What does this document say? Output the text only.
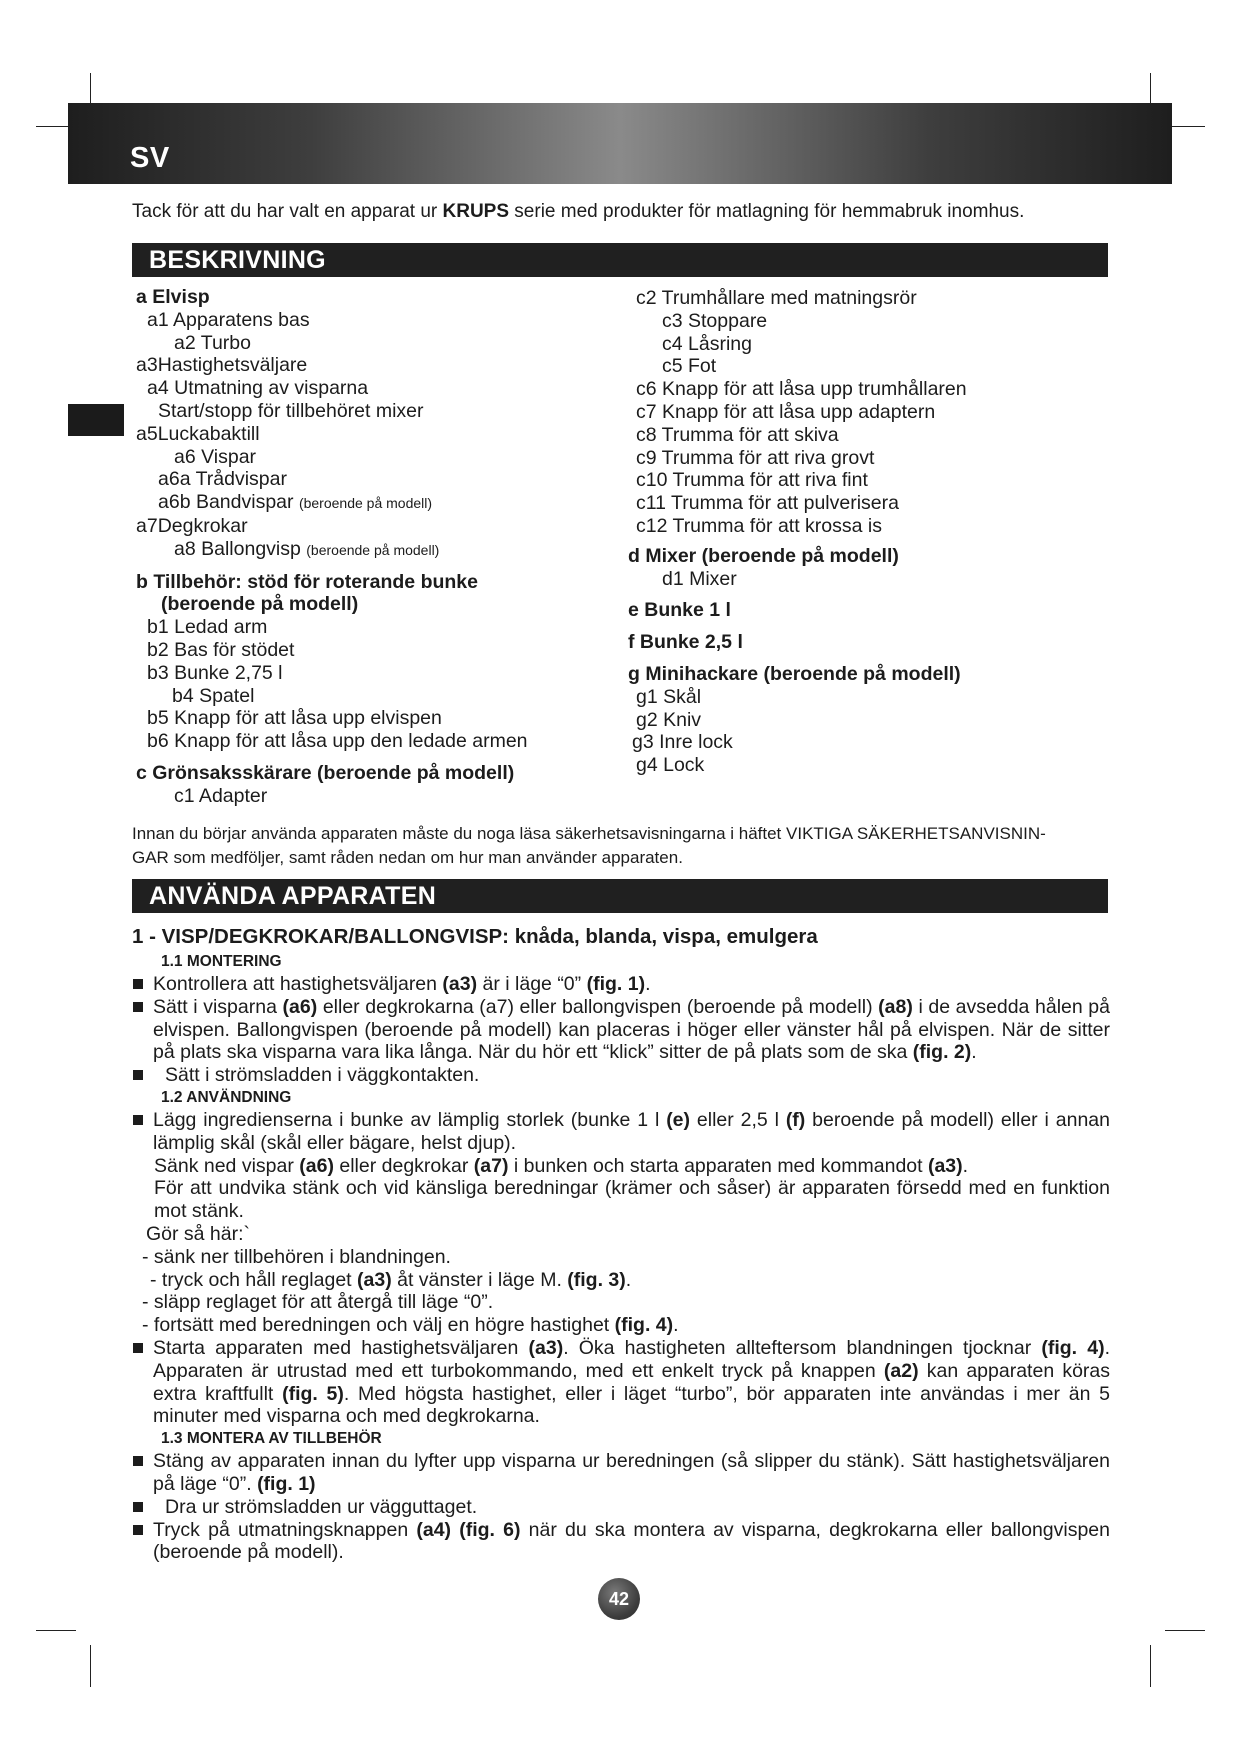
SV
Tack för att du har valt en apparat ur KRUPS serie med produkter för matlagning för hemmabruk inomhus.
BESKRIVNING
a Elvisp
a1 Apparatens bas
a2 Turbo
a3Hastighetsväljare
a4 Utmatning av visparna
Start/stopp för tillbehöret mixer
a5Luckabaktill
a6 Vispar
a6a Trådvispar
a6b Bandvispar (beroende på modell)
a7Degkrokar
a8 Ballongvisp (beroende på modell)
b Tillbehör: stöd för roterande bunke
(beroende på modell)
b1 Ledad arm
b2 Bas för stödet
b3 Bunke 2,75 l
b4 Spatel
b5 Knapp för att låsa upp elvispen
b6 Knapp för att låsa upp den ledade armen
c Grönsaksskärare (beroende på modell)
c1 Adapter
c2 Trumhållare med matningsrör
c3 Stoppare
c4 Låsring
c5 Fot
c6 Knapp för att låsa upp trumhållaren
c7 Knapp för att låsa upp adaptern
c8 Trumma för att skiva
c9 Trumma för att riva grovt
c10 Trumma för att riva fint
c11 Trumma för att pulverisera
c12 Trumma för att krossa is
d Mixer (beroende på modell)
d1 Mixer
e Bunke 1 l
f Bunke 2,5 l
g Minihackare (beroende på modell)
g1 Skål
g2 Kniv
g3 Inre lock
g4 Lock
Innan du börjar använda apparaten måste du noga läsa säkerhetsavisningarna i häftet VIKTIGA SÄKERHETSANVISNIN-
GAR som medföljer, samt råden nedan om hur man använder apparaten.
ANVÄNDA APPARATEN
1 - VISP/DEGKROKAR/BALLONGVISP: knåda, blanda, vispa, emulgera
1.1 MONTERING
Kontrollera att hastighetsväljaren (a3) är i läge “0” (fig. 1).
Sätt i visparna (a6) eller degkrokarna (a7) eller ballongvispen (beroende på modell) (a8) i de avsedda hålen på elvispen. Ballongvispen (beroende på modell) kan placeras i höger eller vänster hål på elvispen. När de sitter på plats ska visparna vara lika långa. När du hör ett “klick” sitter de på plats som de ska (fig. 2).
Sätt i strömsladden i väggkontakten.
1.2 ANVÄNDNING
Lägg ingredienserna i bunke av lämplig storlek (bunke 1 l (e) eller 2,5 l (f) beroende på modell) eller i annan lämplig skål (skål eller bägare, helst djup).
Sänk ned vispar (a6) eller degkrokar (a7) i bunken och starta apparaten med kommandot (a3).
För att undvika stänk och vid känsliga beredningar (krämer och såser) är apparaten försedd med en funktion mot stänk.
Gör så här:`
- sänk ner tillbehören i blandningen.
- tryck och håll reglaget (a3) åt vänster i läge M. (fig. 3).
- släpp reglaget för att återgå till läge “0”.
- fortsätt med beredningen och välj en högre hastighet (fig. 4).
Starta apparaten med hastighetsväljaren (a3). Öka hastigheten allteftersom blandningen tjocknar (fig. 4). Apparaten är utrustad med ett turbokommando, med ett enkelt tryck på knappen (a2) kan apparaten köras extra kraftfullt (fig. 5). Med högsta hastighet, eller i läget “turbo”, bör apparaten inte användas i mer än 5 minuter med visparna och med degkrokarna.
1.3 MONTERA AV TILLBEHÖR
Stäng av apparaten innan du lyfter upp visparna ur beredningen (så slipper du stänk). Sätt hastighetsväljaren på läge “0”. (fig. 1)
Dra ur strömsladden ur vägguttaget.
Tryck på utmatningsknappen (a4) (fig. 6) när du ska montera av visparna, degkrokarna eller ballongvispen (beroende på modell).
42
